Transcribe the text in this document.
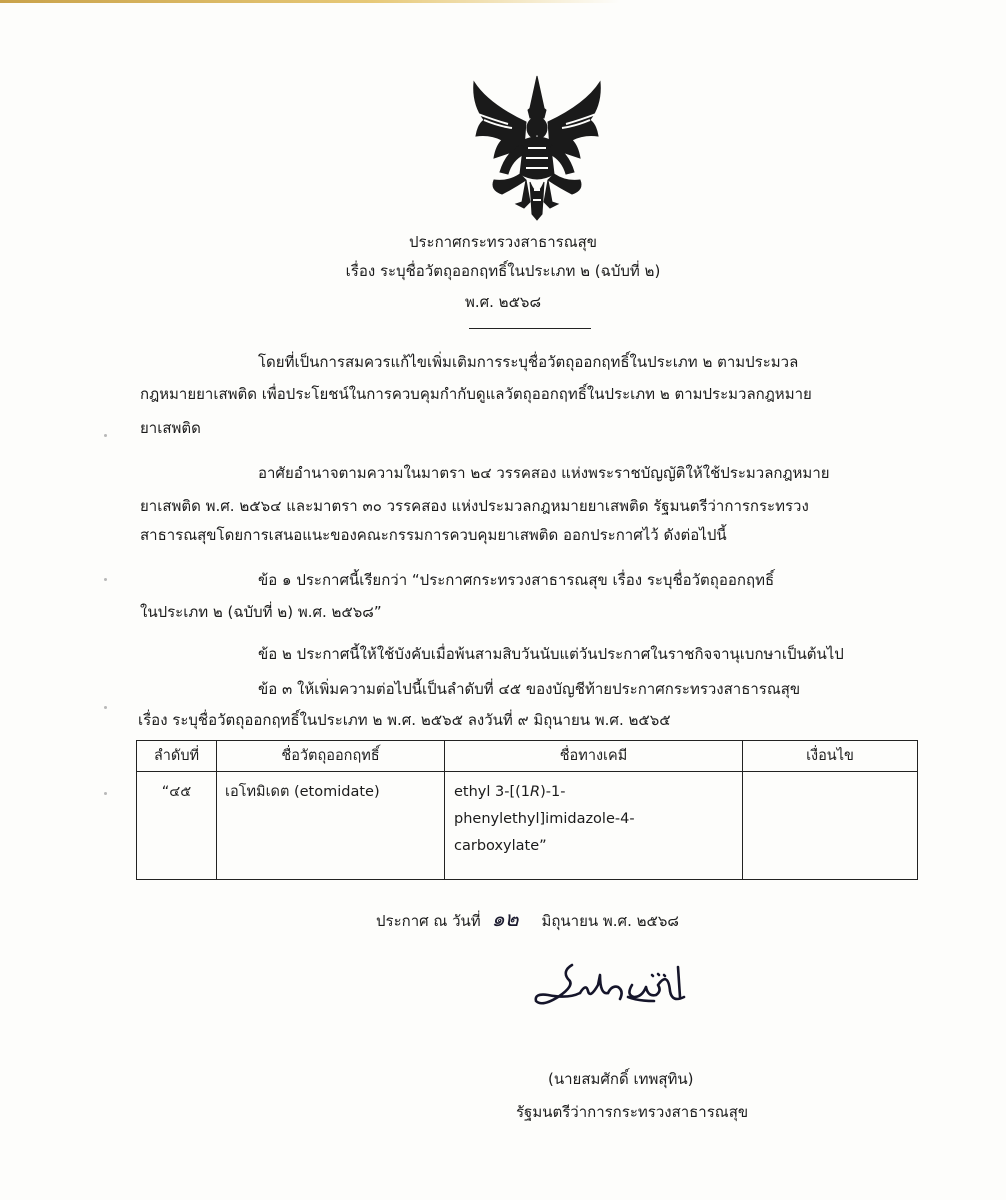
ประกาศกระทรวงสาธารณสุข
เรื่อง ระบุชื่อวัตถุออกฤทธิ์ในประเภท ๒ (ฉบับที่ ๒)
พ.ศ. ๒๕๖๘
โดยที่เป็นการสมควรแก้ไขเพิ่มเติมการระบุชื่อวัตถุออกฤทธิ์ในประเภท ๒ ตามประมวล
กฎหมายยาเสพติด เพื่อประโยชน์ในการควบคุมกำกับดูแลวัตถุออกฤทธิ์ในประเภท ๒ ตามประมวลกฎหมาย
ยาเสพติด
อาศัยอำนาจตามความในมาตรา ๒๔ วรรคสอง แห่งพระราชบัญญัติให้ใช้ประมวลกฎหมาย
ยาเสพติด พ.ศ. ๒๕๖๔ และมาตรา ๓๐ วรรคสอง แห่งประมวลกฎหมายยาเสพติด รัฐมนตรีว่าการกระทรวง
สาธารณสุขโดยการเสนอแนะของคณะกรรมการควบคุมยาเสพติด ออกประกาศไว้ ดังต่อไปนี้
ข้อ ๑ ประกาศนี้เรียกว่า “ประกาศกระทรวงสาธารณสุข เรื่อง ระบุชื่อวัตถุออกฤทธิ์
ในประเภท ๒ (ฉบับที่ ๒) พ.ศ. ๒๕๖๘”
ข้อ ๒ ประกาศนี้ให้ใช้บังคับเมื่อพ้นสามสิบวันนับแต่วันประกาศในราชกิจจานุเบกษาเป็นต้นไป
ข้อ ๓ ให้เพิ่มความต่อไปนี้เป็นลำดับที่ ๔๕ ของบัญชีท้ายประกาศกระทรวงสาธารณสุข
เรื่อง ระบุชื่อวัตถุออกฤทธิ์ในประเภท ๒ พ.ศ. ๒๕๖๕ ลงวันที่ ๙ มิถุนายน พ.ศ. ๒๕๖๕
ลำดับที่	ชื่อวัตถุออกฤทธิ์	ชื่อทางเคมี	เงื่อนไข
“๔๕	เอโทมิเดต (etomidate)	ethyl 3-[(1R)-1-
phenylethyl]imidazole-4-
carboxylate”	

ประกาศ ณ วันที่ ๑๒ มิถุนายน พ.ศ. ๒๕๖๘
(นายสมศักดิ์ เทพสุทิน)
รัฐมนตรีว่าการกระทรวงสาธารณสุข
